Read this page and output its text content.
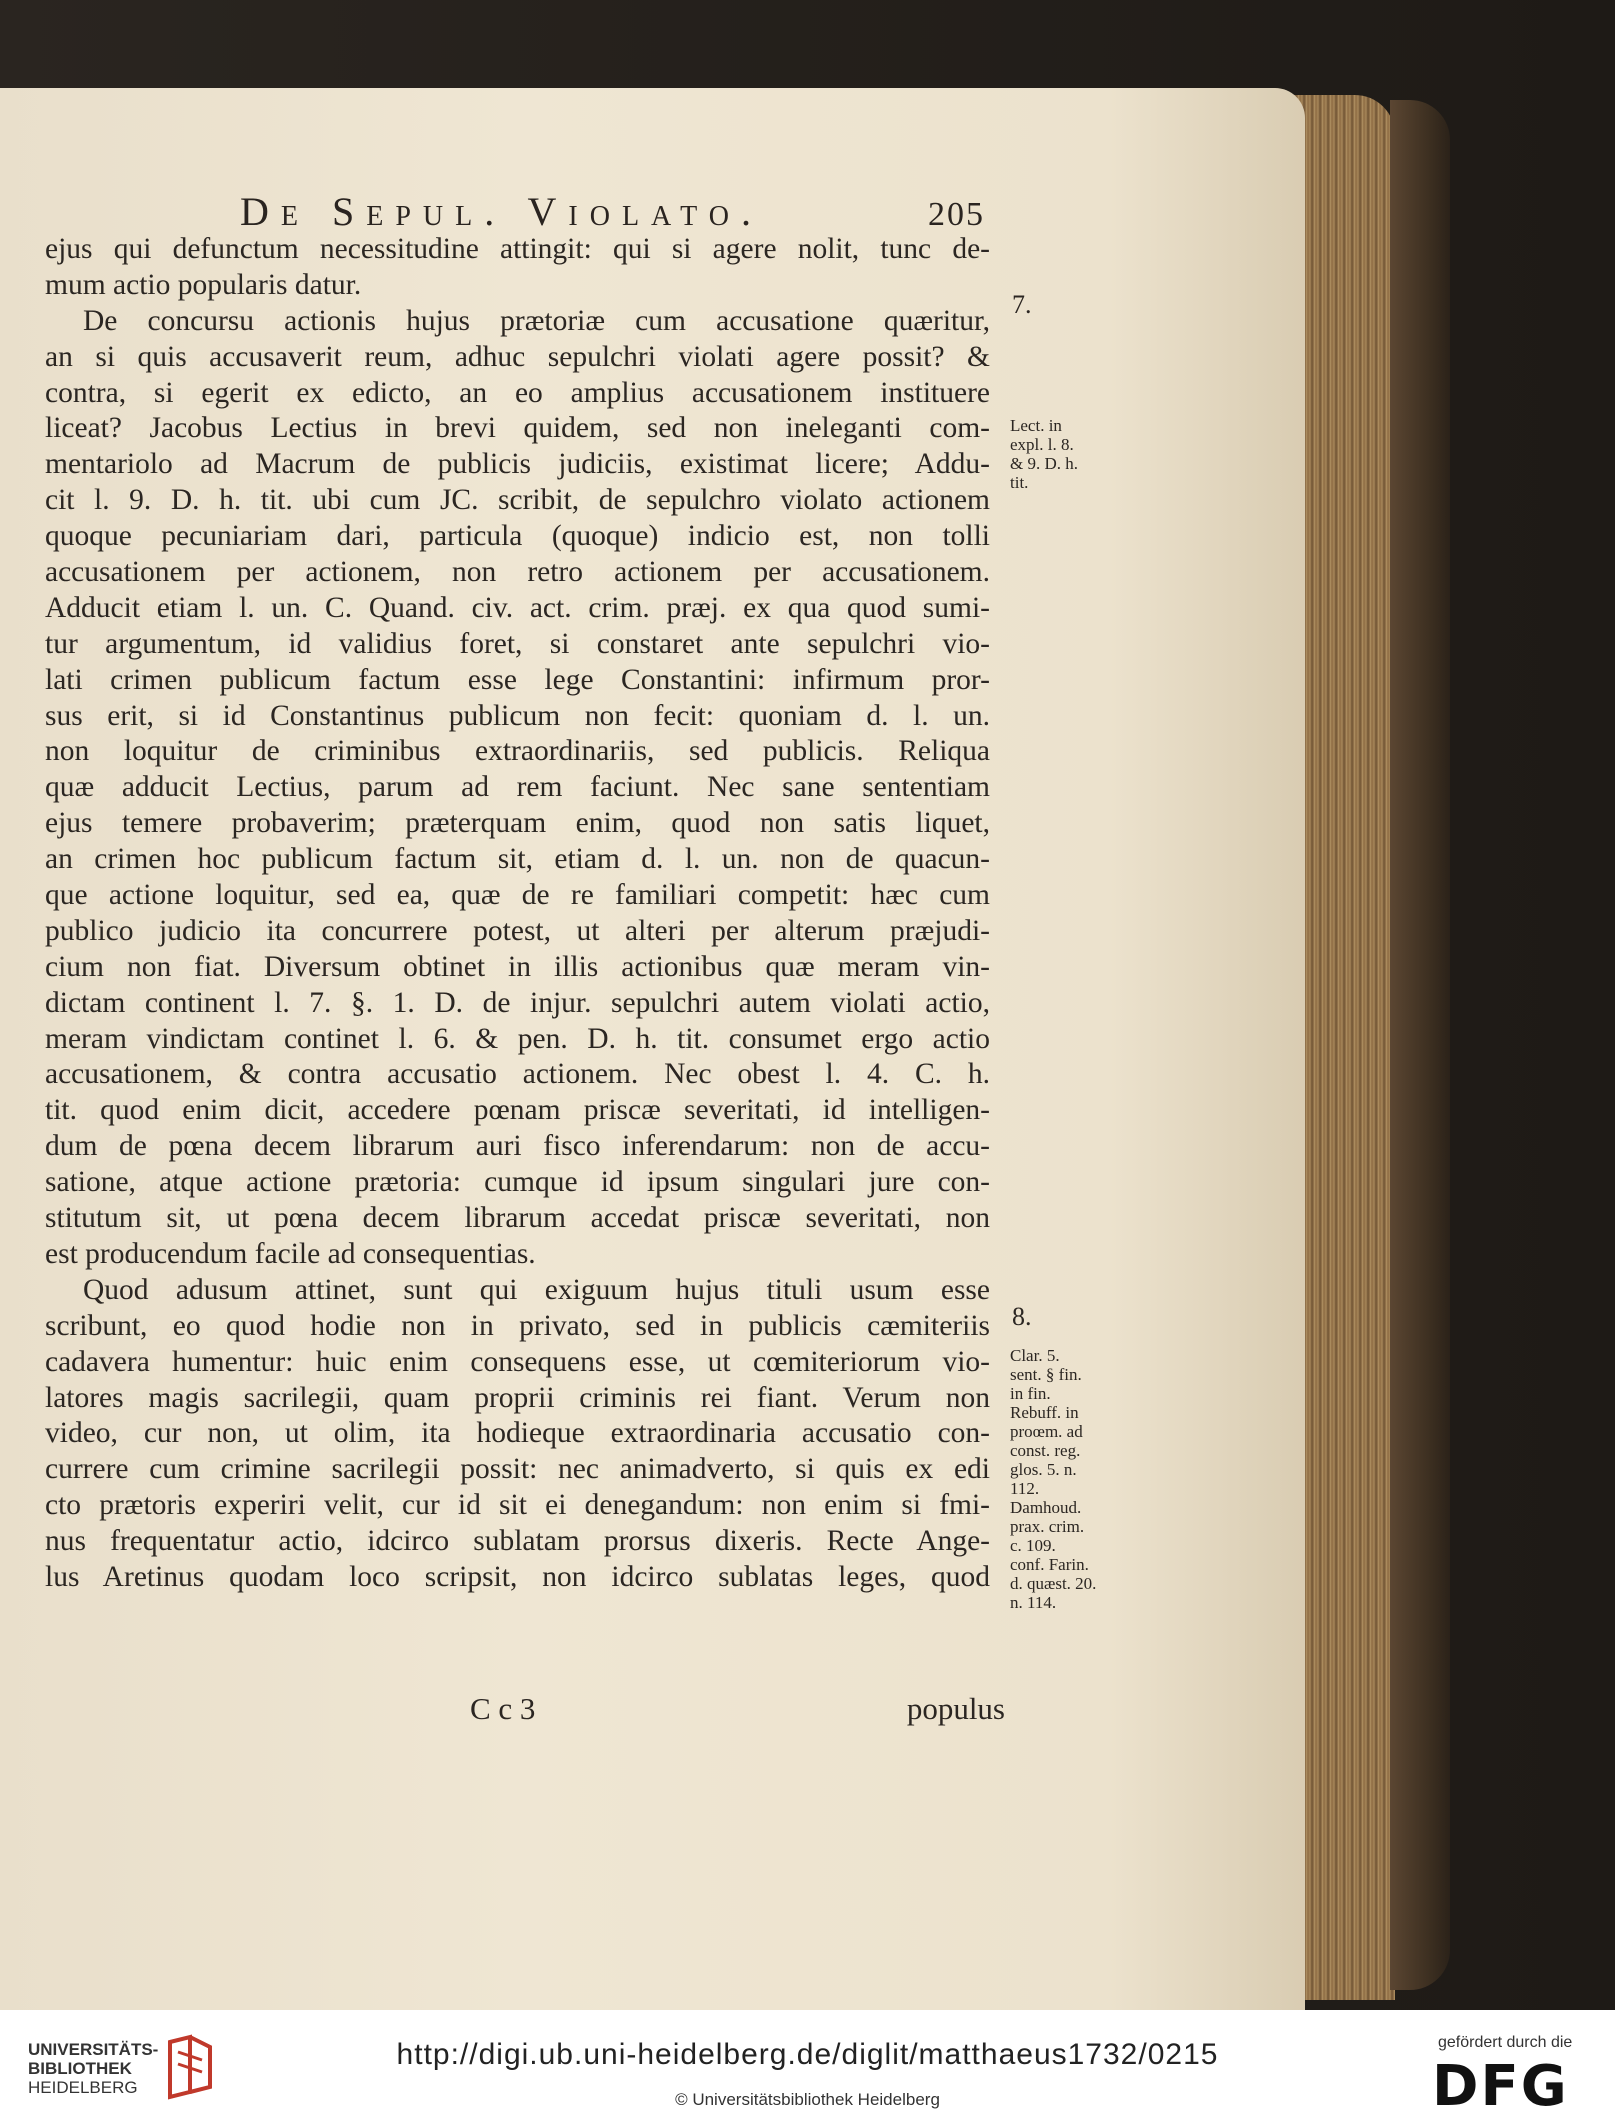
De Sepul. Violato.	205
ejus qui defunctum necessitudine attingit: qui si agere nolit, tunc de-
mum actio popularis datur.
De concursu actionis hujus prætoriæ cum accusatione quæritur,
an si quis accusaverit reum, adhuc sepulchri violati agere possit? &
contra, si egerit ex edicto, an eo amplius accusationem instituere
liceat? Jacobus Lectius in brevi quidem, sed non ineleganti com-
mentariolo ad Macrum de publicis judiciis, existimat licere; Addu-
cit l. 9. D. h. tit. ubi cum JC. scribit, de sepulchro violato actionem
quoque pecuniariam dari, particula (quoque) indicio est, non tolli
accusationem per actionem, non retro actionem per accusationem.
Adducit etiam l. un. C. Quand. civ. act. crim. præj. ex qua quod sumi-
tur argumentum, id validius foret, si constaret ante sepulchri vio-
lati crimen publicum factum esse lege Constantini: infirmum pror-
sus erit, si id Constantinus publicum non fecit: quoniam d. l. un.
non loquitur de criminibus extraordinariis, sed publicis. Reliqua
quæ adducit Lectius, parum ad rem faciunt. Nec sane sententiam
ejus temere probaverim; præterquam enim, quod non satis liquet,
an crimen hoc publicum factum sit, etiam d. l. un. non de quacun-
que actione loquitur, sed ea, quæ de re familiari competit: hæc cum
publico judicio ita concurrere potest, ut alteri per alterum præjudi-
cium non fiat. Diversum obtinet in illis actionibus quæ meram vin-
dictam continent l. 7. §. 1. D. de injur. sepulchri autem violati actio,
meram vindictam continet l. 6. & pen. D. h. tit. consumet ergo actio
accusationem, & contra accusatio actionem. Nec obest l. 4. C. h.
tit. quod enim dicit, accedere pœnam priscæ severitati, id intelligen-
dum de pœna decem librarum auri fisco inferendarum: non de accu-
satione, atque actione prætoria: cumque id ipsum singulari jure con-
stitutum sit, ut pœna decem librarum accedat priscæ severitati, non
est producendum facile ad consequentias.
Quod adusum attinet, sunt qui exiguum hujus tituli usum esse
scribunt, eo quod hodie non in privato, sed in publicis cæmiteriis
cadavera humentur: huic enim consequens esse, ut cœmiteriorum vio-
latores magis sacrilegii, quam proprii criminis rei fiant. Verum non
video, cur non, ut olim, ita hodieque extraordinaria accusatio con-
currere cum crimine sacrilegii possit: nec animadverto, si quis ex edi
cto prætoris experiri velit, cur id sit ei denegandum: non enim si fmi-
nus frequentatur actio, idcirco sublatam prorsus dixeris. Recte Ange-
lus Aretinus quodam loco scripsit, non idcirco sublatas leges, quod
C c 3	populus
7.
Lect. in
expl. l. 8.
& 9. D. h.
tit.
8.
Clar. 5.
sent. § fin.
in fin.
Rebuff. in
proœm. ad
const. reg.
glos. 5. n.
112.
Damhoud.
prax. crim.
c. 109.
conf. Farin.
d. quæst. 20.
n. 114.
UNIVERSITÄTS-
BIBLIOTHEK
HEIDELBERG
http://digi.ub.uni-heidelberg.de/diglit/matthaeus1732/0215
© Universitätsbibliothek Heidelberg
gefördert durch die
DFG
